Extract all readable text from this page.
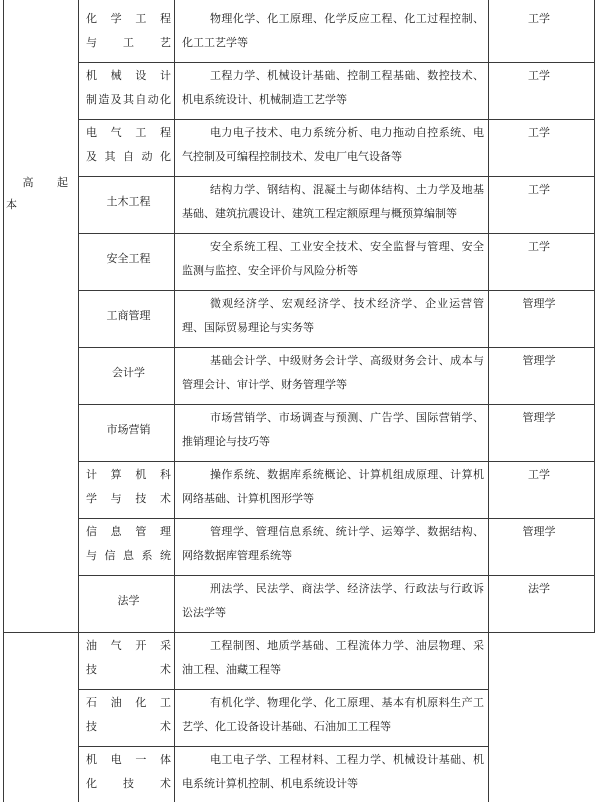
高 起
本
化学工程
与工艺
物理化学、化工原理、化学反应工程、化工过程控制、化工工艺学等
工学
机械设计
制造及其自动化
工程力学、机械设计基础、控制工程基础、数控技术、机电系统设计、机械制造工艺学等
工学
电气工程
及其自动化
电力电子技术、电力系统分析、电力拖动自控系统、电气控制及可编程控制技术、发电厂电气设备等
工学
土木工程
结构力学、钢结构、混凝土与砌体结构、土力学及地基基础、建筑抗震设计、建筑工程定额原理与概预算编制等
工学
安全工程
安全系统工程、工业安全技术、安全监督与管理、安全监测与监控、安全评价与风险分析等
工学
工商管理
微观经济学、宏观经济学、技术经济学、企业运营管理、国际贸易理论与实务等
管理学
会计学
基础会计学、中级财务会计学、高级财务会计、成本与管理会计、审计学、财务管理学等
管理学
市场营销
市场营销学、市场调查与预测、广告学、国际营销学、推销理论与技巧等
管理学
计算机科
学与技术
操作系统、数据库系统概论、计算机组成原理、计算机网络基础、计算机图形学等
工学
信息管理
与信息系统
管理学、管理信息系统、统计学、运筹学、数据结构、网络数据库管理系统等
管理学
法学
刑法学、民法学、商法学、经济法学、行政法与行政诉讼法学等
法学
油气开采
技术
工程制图、地质学基础、工程流体力学、油层物理、采油工程、油藏工程等
石油化工
技术
有机化学、物理化学、化工原理、基本有机原料生产工艺学、化工设备设计基础、石油加工工程等
机电一体
化技术
电工电子学、工程材料、工程力学、机械设计基础、机电系统计算机控制、机电系统设计等
